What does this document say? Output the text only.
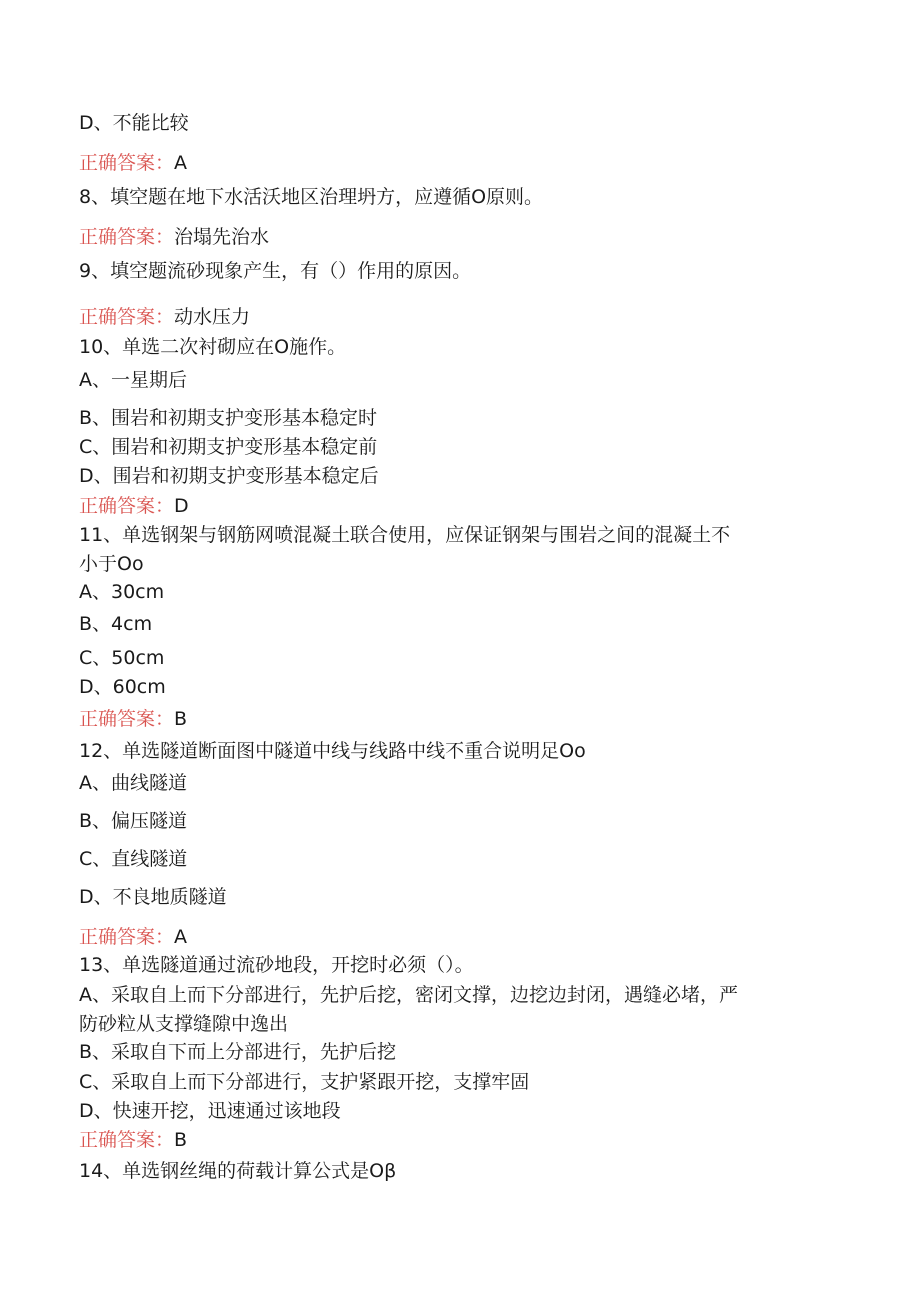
D、不能比较
正确答案：A
8、填空题在地下水活沃地区治理坍方，应遵循O原则。
正确答案：治塌先治水
9、填空题流砂现象产生，有（）作用的原因。
正确答案：动水压力
10、单选二次衬砌应在O施作。
A、一星期后
B、围岩和初期支护变形基本稳定时
C、围岩和初期支护变形基本稳定前
D、围岩和初期支护变形基本稳定后
正确答案：D
11、单选钢架与钢筋网喷混凝土联合使用，应保证钢架与围岩之间的混凝土不
小于Oo
A、30cm
B、4cm
C、50cm
D、60cm
正确答案：B
12、单选隧道断面图中隧道中线与线路中线不重合说明足Oo
A、曲线隧道
B、偏压隧道
C、直线隧道
D、不良地质隧道
正确答案：A
13、单选隧道通过流砂地段，开挖时必须（）。
A、采取自上而下分部进行，先护后挖，密闭文撑，边挖边封闭，遇缝必堵，严
防砂粒从支撑缝隙中逸出
B、采取自下而上分部进行，先护后挖
C、采取自上而下分部进行，支护紧跟开挖，支撑牢固
D、快速开挖，迅速通过该地段
正确答案：B
14、单选钢丝绳的荷载计算公式是Oβ
